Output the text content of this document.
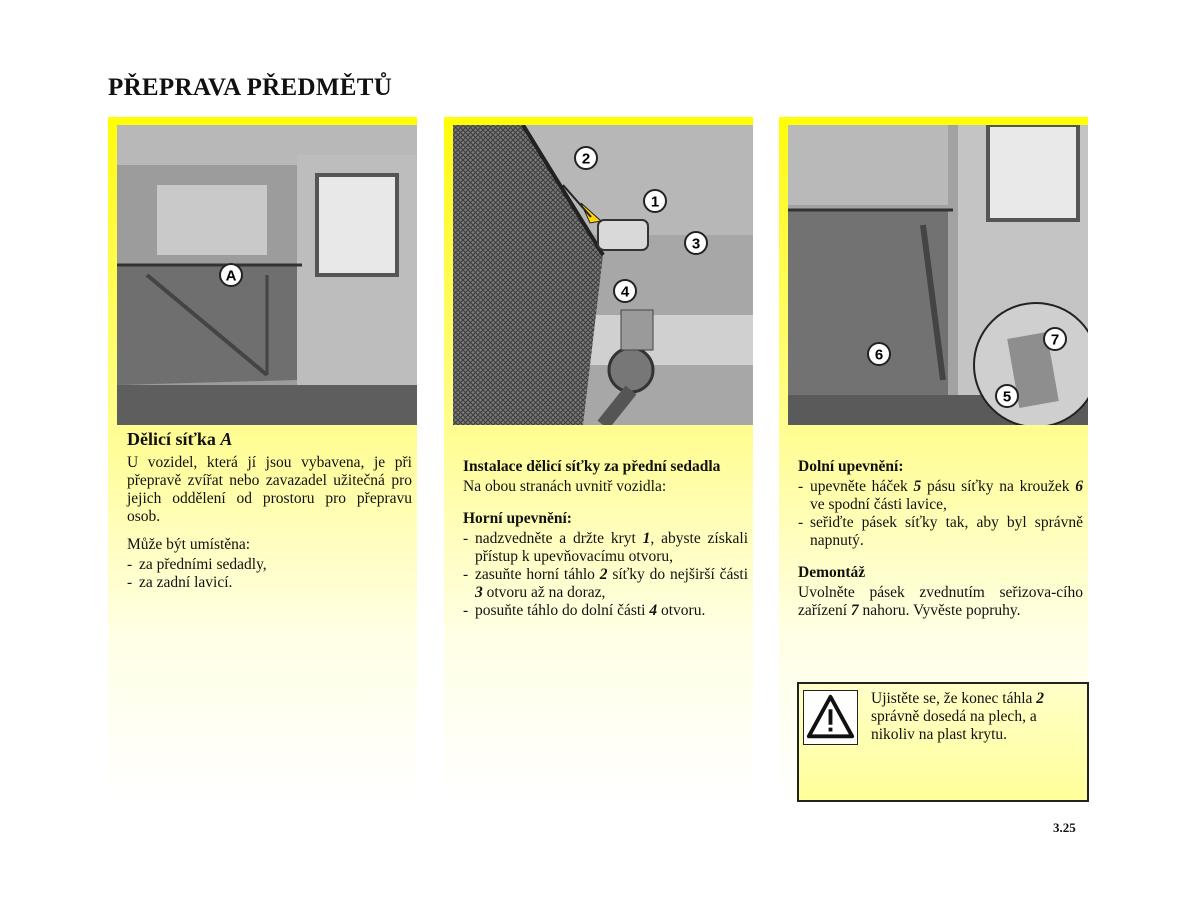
PŘEPRAVA PŘEDMĚTŮ
A
Dělicí síťka A

U vozidel, která jí jsou vybavena, je při přepravě zvířat nebo zavazadel užitečná pro jejich oddělení od prostoru pro přepravu osob.

Může být umístěna:

- za předními sedadly,
- za zadní lavicí.
2
1
3
4
Instalace dělicí síťky za přední sedadla

Na obou stranách uvnitř vozidla:

Horní upevnění:
- nadzvedněte a držte kryt 1, abyste získali přístup k upevňovacímu otvoru,
- zasuňte horní táhlo 2 síťky do nejširší části 3 otvoru až na doraz,
- posuňte táhlo do dolní části 4 otvoru.
6
7
5
Dolní upevnění:
- upevněte háček 5 pásu síťky na kroužek 6 ve spodní části lavice,
- seřiďte pásek síťky tak, aby byl správně napnutý.
Demontáž

Uvolněte pásek zvednutím seřizova-cího zařízení 7 nahoru. Vyvěste popruhy.

Ujistěte se, že konec táhla 2 správně dosedá na plech, a nikoliv na plast krytu.
3.25
